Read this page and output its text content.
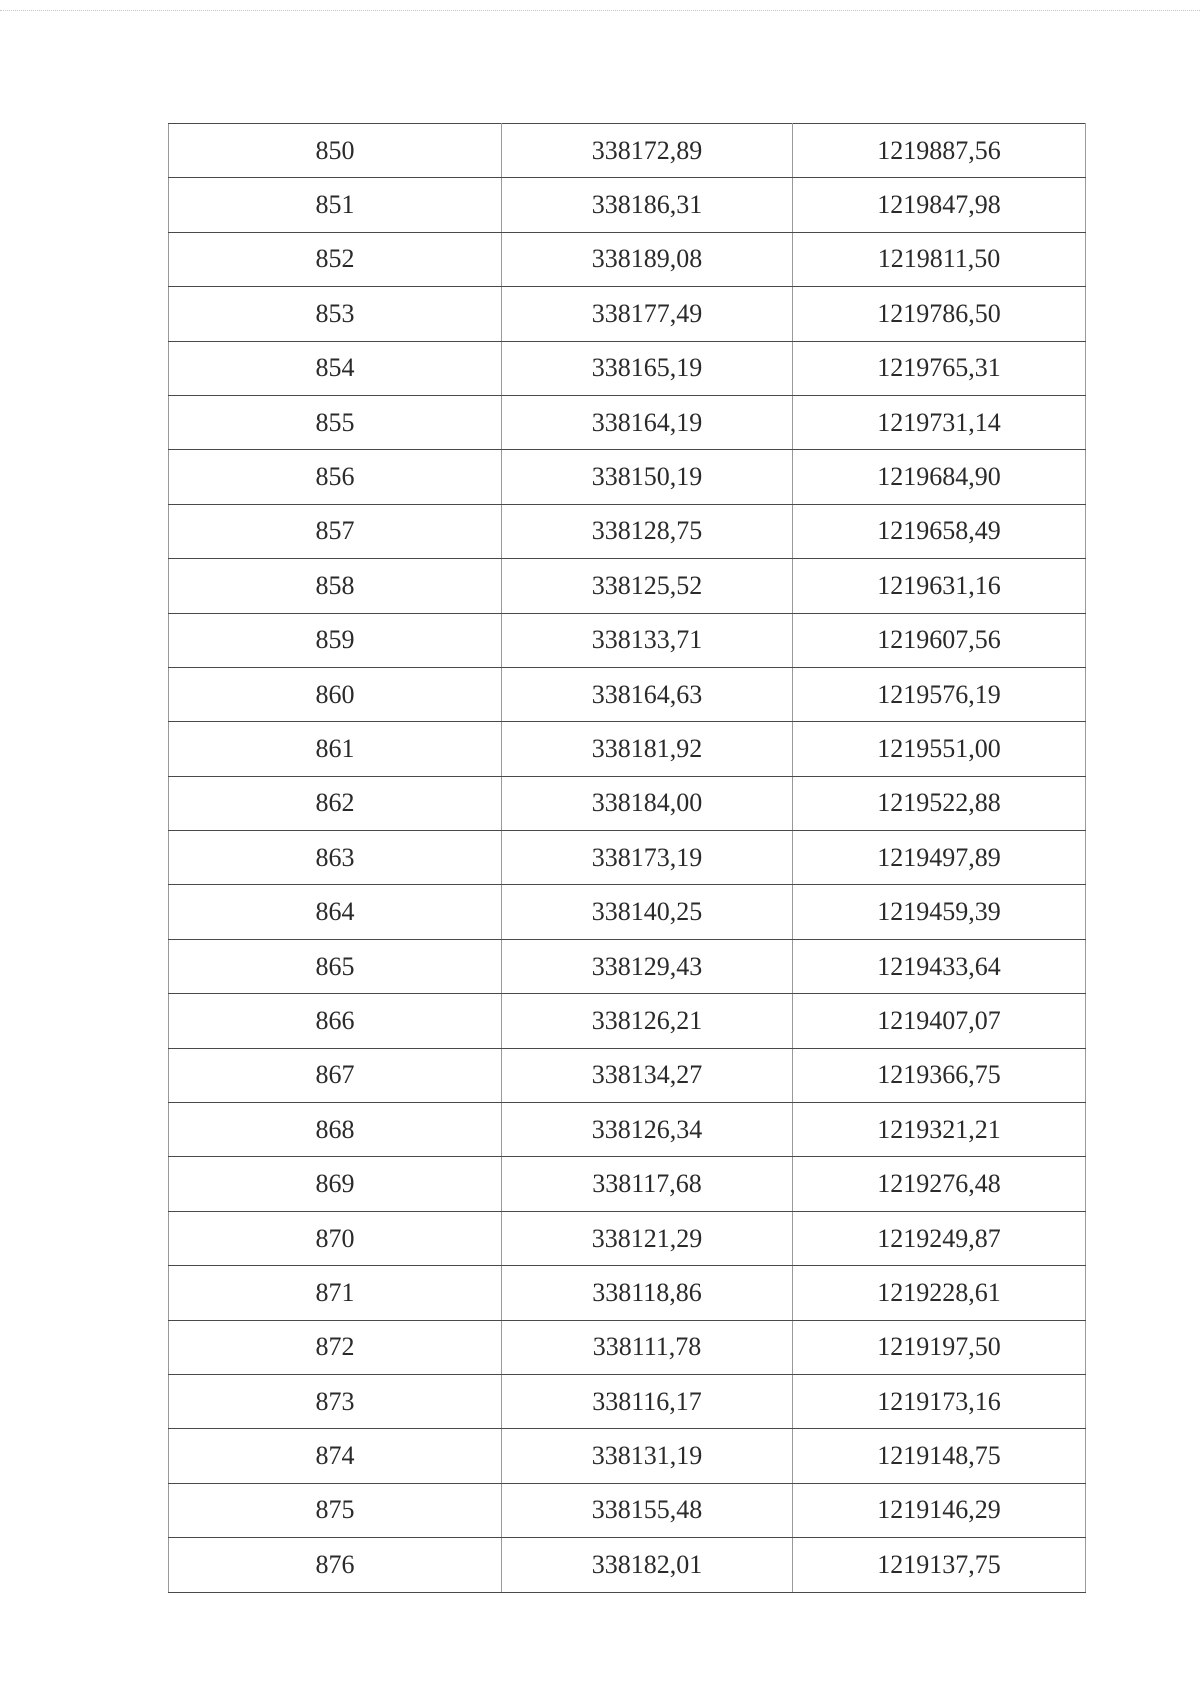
850	338172,89	1219887,56
851	338186,31	1219847,98
852	338189,08	1219811,50
853	338177,49	1219786,50
854	338165,19	1219765,31
855	338164,19	1219731,14
856	338150,19	1219684,90
857	338128,75	1219658,49
858	338125,52	1219631,16
859	338133,71	1219607,56
860	338164,63	1219576,19
861	338181,92	1219551,00
862	338184,00	1219522,88
863	338173,19	1219497,89
864	338140,25	1219459,39
865	338129,43	1219433,64
866	338126,21	1219407,07
867	338134,27	1219366,75
868	338126,34	1219321,21
869	338117,68	1219276,48
870	338121,29	1219249,87
871	338118,86	1219228,61
872	338111,78	1219197,50
873	338116,17	1219173,16
874	338131,19	1219148,75
875	338155,48	1219146,29
876	338182,01	1219137,75
